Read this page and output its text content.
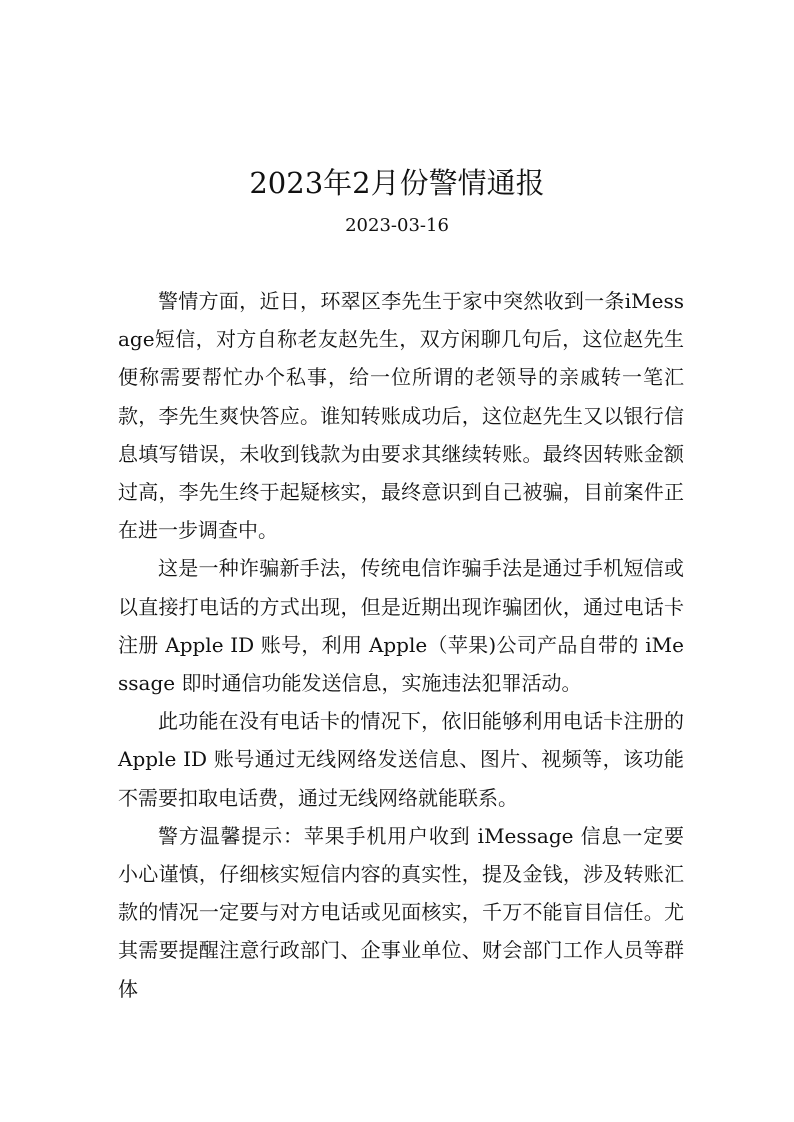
2023年2月份警情通报
2023-03-16

警情方面，近日，环翠区李先生于家中突然收到一条iMessage短信，对方自称老友赵先生，双方闲聊几句后，这位赵先生便称需要帮忙办个私事，给一位所谓的老领导的亲戚转一笔汇款，李先生爽快答应。谁知转账成功后，这位赵先生又以银行信息填写错误，未收到钱款为由要求其继续转账。最终因转账金额过高，李先生终于起疑核实，最终意识到自己被骗，目前案件正在进一步调查中。

这是一种诈骗新手法，传统电信诈骗手法是通过手机短信或以直接打电话的方式出现，但是近期出现诈骗团伙，通过电话卡注册 Apple ID 账号，利用 Apple（苹果)公司产品自带的 iMessage 即时通信功能发送信息，实施违法犯罪活动。

此功能在没有电话卡的情况下，依旧能够利用电话卡注册的 Apple ID 账号通过无线网络发送信息、图片、视频等，该功能不需要扣取电话费，通过无线网络就能联系。

警方温馨提示：苹果手机用户收到 iMessage 信息一定要小心谨慎，仔细核实短信内容的真实性，提及金钱，涉及转账汇款的情况一定要与对方电话或见面核实，千万不能盲目信任。尤其需要提醒注意行政部门、企事业单位、财会部门工作人员等群体
